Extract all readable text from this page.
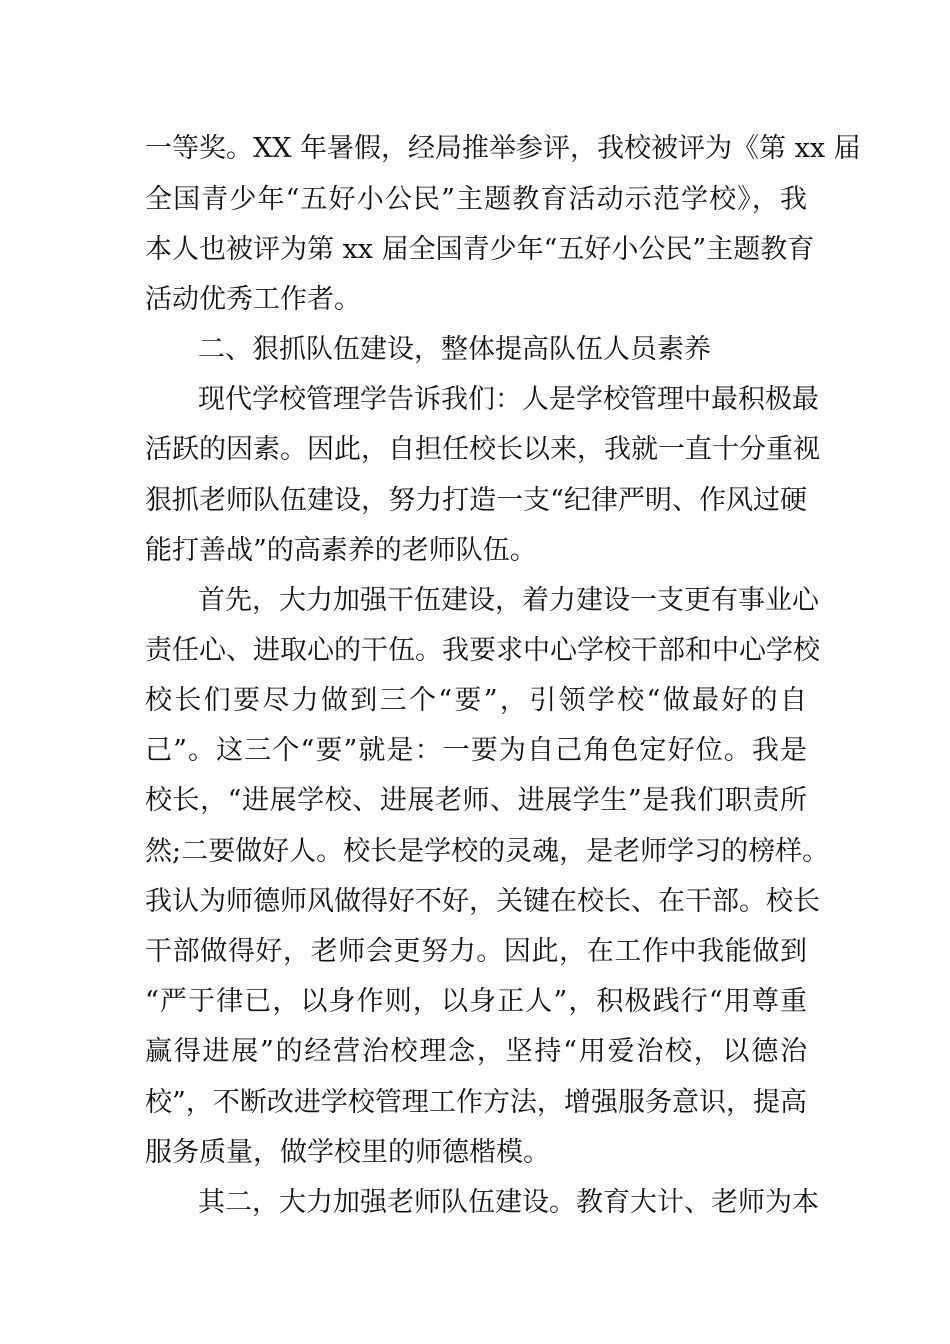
一等奖。XX 年暑假，经局推举参评，我校被评为《第 xx 届
全国青少年“五好小公民”主题教育活动示范学校》，我
本人也被评为第 xx 届全国青少年“五好小公民”主题教育
活动优秀工作者。
二、狠抓队伍建设，整体提高队伍人员素养
现代学校管理学告诉我们：人是学校管理中最积极最
活跃的因素。因此，自担任校长以来，我就一直十分重视
狠抓老师队伍建设，努力打造一支“纪律严明、作风过硬
能打善战”的高素养的老师队伍。
首先，大力加强干伍建设，着力建设一支更有事业心
责任心、进取心的干伍。我要求中心学校干部和中心学校
校长们要尽力做到三个“要”，引领学校“做最好的自
己”。这三个“要”就是：一要为自己角色定好位。我是
校长，“进展学校、进展老师、进展学生”是我们职责所
然;二要做好人。校长是学校的灵魂，是老师学习的榜样。
我认为师德师风做得好不好，关键在校长、在干部。校长
干部做得好，老师会更努力。因此，在工作中我能做到
“严于律已，以身作则，以身正人”，积极践行“用尊重
赢得进展”的经营治校理念，坚持“用爱治校，以德治
校”，不断改进学校管理工作方法，增强服务意识，提高
服务质量，做学校里的师德楷模。
其二，大力加强老师队伍建设。教育大计、老师为本
